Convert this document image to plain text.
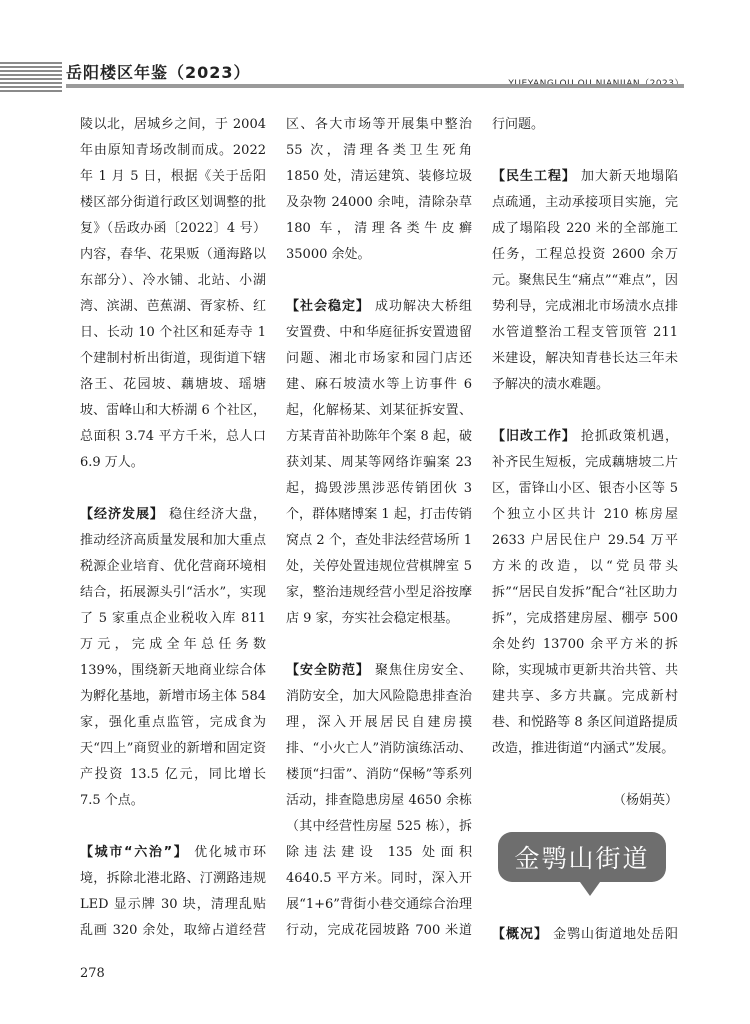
岳阳楼区年鉴（2023）

陵以北，居城乡之间，于 2004 年由原知青场改制而成。2022 年 1 月 5 日，根据《关于岳阳楼区部分街道行政区划调整的批复》（岳政办函〔2022〕4 号）内容，春华、花果贩（通海路以东部分）、冷水铺、北站、小湖湾、滨湖、芭蕉湖、胥家桥、红日、长动 10 个社区和延寿寺 1 个建制村析出街道，现街道下辖洛王、花园坡、藕塘坡、瑶塘坡、雷峰山和大桥湖 6 个社区，总面积 3.74 平方千米，总人口 6.9 万人。

【经济发展】 稳住经济大盘，推动经济高质量发展和加大重点税源企业培育、优化营商环境相结合，拓展源头引“活水”，实现了 5 家重点企业税收入库 811 万元，完成全年总任务数 139%，围绕新天地商业综合体为孵化基地，新增市场主体 584 家，强化重点监管，完成食为天“四上”商贸业的新增和固定资产投资 13.5 亿元，同比增长 7.5 个点。

【城市“六治”】 优化城市环境，拆除北港北路、汀溯路违规 LED 显示牌 30 块，清理乱贴乱画 320 余处，取缔占道经营

区、各大市场等开展集中整治 55 次，清理各类卫生死角 1850 处，清运建筑、装修垃圾及杂物 24000 余吨，清除杂草 180 车，清理各类牛皮癣 35000 余处。

【社会稳定】 成功解决大桥组安置费、中和华庭征拆安置遗留问题、湘北市场家和园门店还建、麻石坡渍水等上访事件 6 起，化解杨某、刘某征拆安置、方某青苗补助陈年个案 8 起，破获刘某、周某等网络诈骗案 23 起，捣毁涉黑涉恶传销团伙 3 个，群体赌博案 1 起，打击传销窝点 2 个，查处非法经营场所 1 处，关停处置违规位营棋牌室 5 家，整治违规经营小型足浴按摩店 9 家，夯实社会稳定根基。

【安全防范】 聚焦住房安全、消防安全，加大风险隐患排查治理，深入开展居民自建房摸排、“小火亡人”消防演练活动、楼顶“扫雷”、消防“保畅”等系列活动，排查隐患房屋 4650 余栋（其中经营性房屋 525 栋），拆除违法建设 135 处面积 4640.5 平方米。同时，深入开展“1+6”背街小巷交通综合治理行动，完成花园坡路 700 米道

行问题。

【民生工程】 加大新天地塌陷点疏通，主动承接项目实施，完成了塌陷段 220 米的全部施工任务，工程总投资 2600 余万元。聚焦民生“痛点”“难点”，因势利导，完成湘北市场渍水点排水管道整治工程支管顶管 211 米建设，解决知青巷长达三年未予解决的渍水难题。

【旧改工作】 抢抓政策机遇，补齐民生短板，完成藕塘坡二片区，雷锋山小区、银杏小区等 5 个独立小区共计 210 栋房屋 2633 户居民住户 29.54 万平方米的改造，以“党员带头拆”“居民自发拆”配合“社区助力拆”，完成搭建房屋、棚亭 500 余处约 13700 余平方米的拆除，实现城市更新共治共管、共建共享、多方共赢。完成新村巷、和悦路等 8 条区间道路提质改造，推进街道“内涵式”发展。

（杨娟英）

金鹗山街道

【概况】 金鹗山街道地处岳阳

278
